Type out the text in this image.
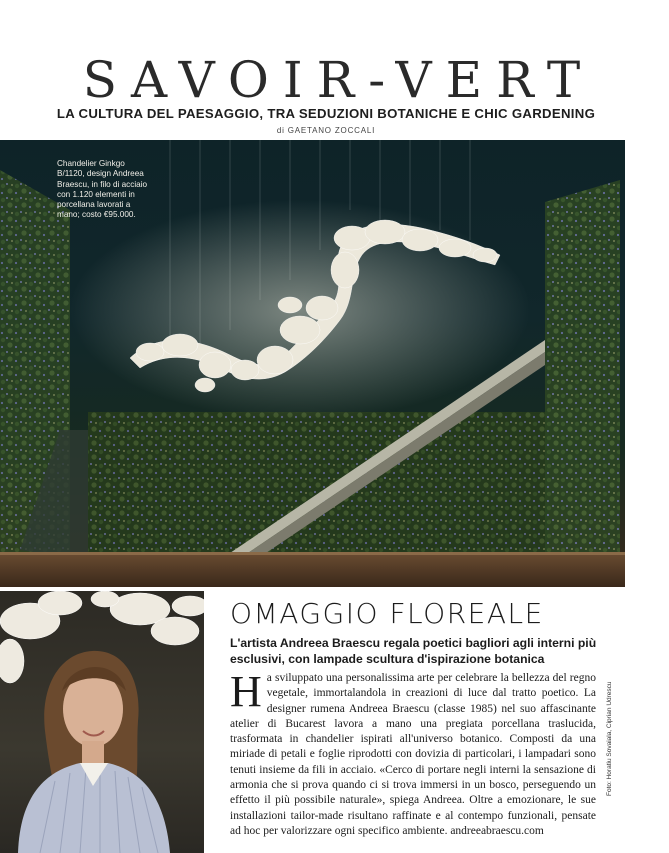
SAVOIR-VERT
LA CULTURA DEL PAESAGGIO, TRA SEDUZIONI BOTANICHE E CHIC GARDENING
di GAETANO ZOCCALI
Chandelier Ginkgo B/1120, design Andreea Braescu, in filo di acciaio con 1.120 elementi in porcellana lavorati a mano; costo €95.000.
OMAGGIO FLOREALE
L'artista Andreea Braescu regala poetici bagliori agli interni più esclusivi, con lampade scultura d'ispirazione botanica
H a sviluppato una personalissima arte per celebrare la bellezza del regno vegetale, immortalandola in creazioni di luce dal tratto poetico. La designer rumena Andreea Braescu (classe 1985) nel suo affascinante atelier di Bucarest lavora a mano una pregiata porcellana traslucida, trasformata in chandelier ispirati all'universo botanico. Composti da una miriade di petali e foglie riprodotti con dovizia di particolari, i lampadari sono tenuti insieme da fili in acciaio. «Cerco di portare negli interni la sensazione di armonia che si prova quando ci si trova immersi in un bosco, perseguendo un effetto il più possibile naturale», spiega Andreea. Oltre a emozionare, le sue installazioni tailor-made risultano raffinate e al contempo funzionali, pensate ad hoc per valorizzare ogni specifico ambiente. andreeabraescu.com
Foto: Horatiu Sovaiala, Ciprian Udrescu
